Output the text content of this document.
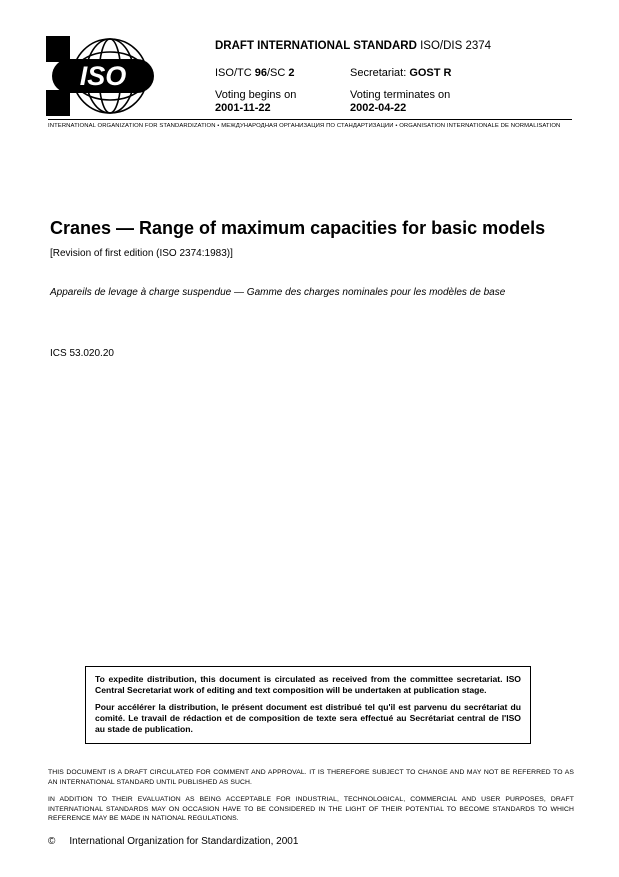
ISO
DRAFT INTERNATIONAL STANDARD ISO/DIS 2374
ISO/TC 96/SC 2	Secretariat: GOST R
Voting begins on	Voting terminates on
2001-11-22	2002-04-22
INTERNATIONAL ORGANIZATION FOR STANDARDIZATION • МЕЖДУНАРОДНАЯ ОРГАНИЗАЦИЯ ПО СТАНДАРТИЗАЦИИ • ORGANISATION INTERNATIONALE DE NORMALISATION
Cranes — Range of maximum capacities for basic models
[Revision of first edition (ISO 2374:1983)]
Appareils de levage à charge suspendue — Gamme des charges nominales pour les modèles de base
ICS 53.020.20

To expedite distribution, this document is circulated as received from the committee secretariat. ISO Central Secretariat work of editing and text composition will be undertaken at publication stage.

Pour accélérer la distribution, le présent document est distribué tel qu'il est parvenu du secrétariat du comité. Le travail de rédaction et de composition de texte sera effectué au Secrétariat central de l'ISO au stade de publication.

THIS DOCUMENT IS A DRAFT CIRCULATED FOR COMMENT AND APPROVAL. IT IS THEREFORE SUBJECT TO CHANGE AND MAY NOT BE REFERRED TO AS AN INTERNATIONAL STANDARD UNTIL PUBLISHED AS SUCH.
IN ADDITION TO THEIR EVALUATION AS BEING ACCEPTABLE FOR INDUSTRIAL, TECHNOLOGICAL, COMMERCIAL AND USER PURPOSES, DRAFT INTERNATIONAL STANDARDS MAY ON OCCASION HAVE TO BE CONSIDERED IN THE LIGHT OF THEIR POTENTIAL TO BECOME STANDARDS TO WHICH REFERENCE MAY BE MADE IN NATIONAL REGULATIONS.
© International Organization for Standardization, 2001
